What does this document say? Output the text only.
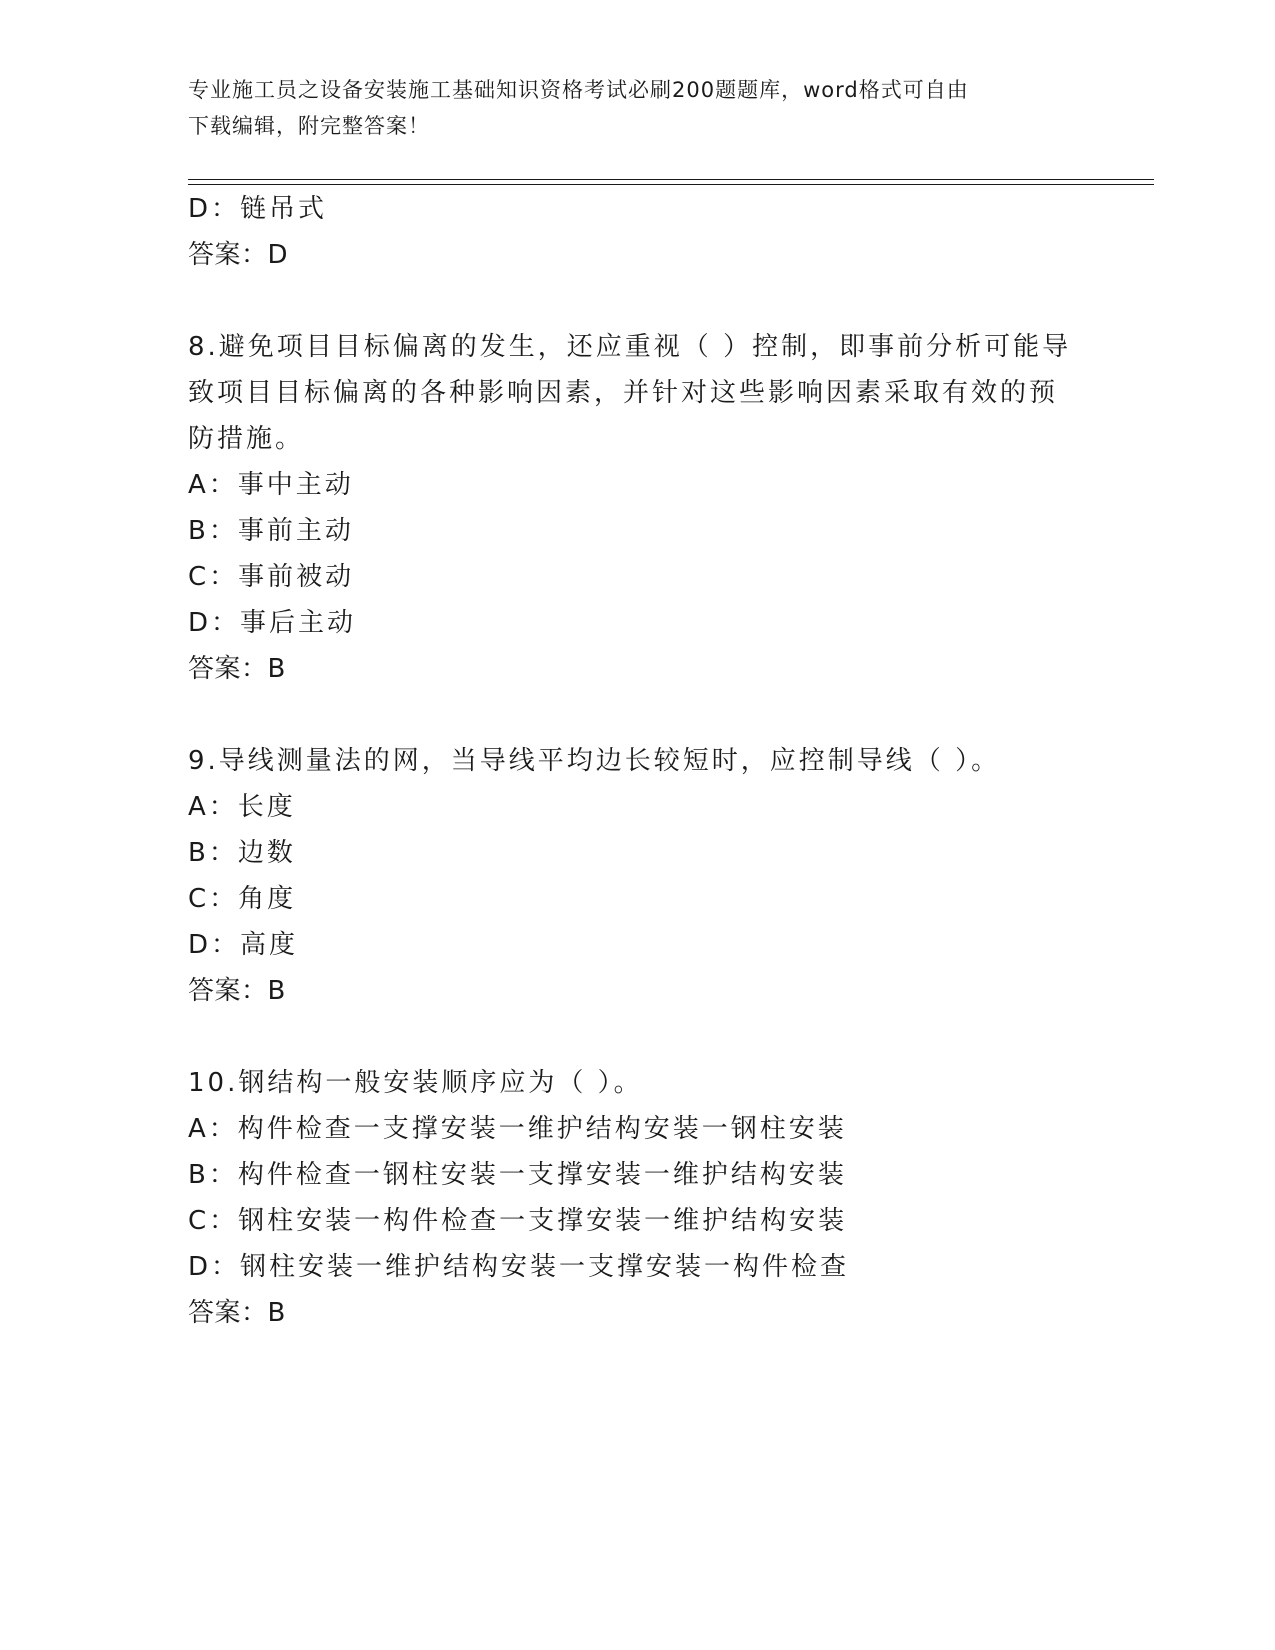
专业施工员之设备安装施工基础知识资格考试必刷200题题库，word格式可自由
下载编辑，附完整答案！
D：链吊式
答案：D
8.避免项目目标偏离的发生，还应重视（ ）控制，即事前分析可能导
致项目目标偏离的各种影响因素，并针对这些影响因素采取有效的预
防措施。
A：事中主动
B：事前主动
C：事前被动
D：事后主动
答案：B
9.导线测量法的网，当导线平均边长较短时，应控制导线（ ）。
A：长度
B：边数
C：角度
D：高度
答案：B
10.钢结构一般安装顺序应为（ ）。
A：构件检查一支撑安装一维护结构安装一钢柱安装
B：构件检查一钢柱安装一支撑安装一维护结构安装
C：钢柱安装一构件检查一支撑安装一维护结构安装
D：钢柱安装一维护结构安装一支撑安装一构件检查
答案：B
